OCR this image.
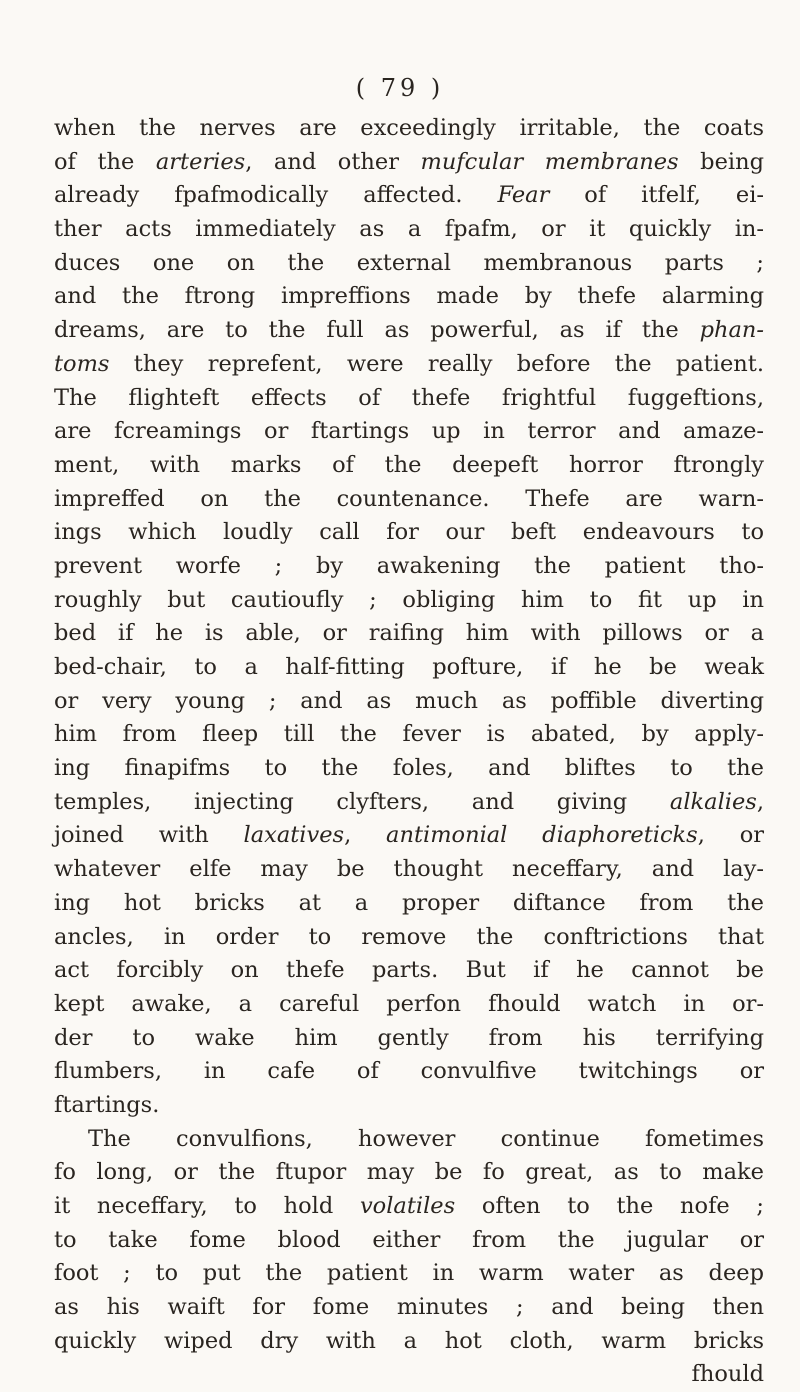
( 79 )
when the nerves are exceedingly irritable, the coats
of the arteries, and other mufcular membranes being
already fpafmodically affected. Fear of itfelf, ei-
ther acts immediately as a fpafm, or it quickly in-
duces one on the external membranous parts ;
and the ftrong impreffions made by thefe alarming
dreams, are to the full as powerful, as if the phan-
toms they reprefent, were really before the patient.
The flighteft effects of thefe frightful fuggeftions,
are fcreamings or ftartings up in terror and amaze-
ment, with marks of the deepeft horror ftrongly
impreffed on the countenance. Thefe are warn-
ings which loudly call for our beft endeavours to
prevent worfe ; by awakening the patient tho-
roughly but cautioufly ; obliging him to fit up in
bed if he is able, or raifing him with pillows or a
bed-chair, to a half-fitting pofture, if he be weak
or very young ; and as much as poffible diverting
him from fleep till the fever is abated, by apply-
ing finapifms to the foles, and bliftes to the
temples, injecting clyfters, and giving alkalies,
joined with laxatives, antimonial diaphoreticks, or
whatever elfe may be thought neceffary, and lay-
ing hot bricks at a proper diftance from the
ancles, in order to remove the conftrictions that
act forcibly on thefe parts. But if he cannot be
kept awake, a careful perfon fhould watch in or-
der to wake him gently from his terrifying
flumbers, in cafe of convulfive twitchings or
ftartings.
The convulfions, however continue fometimes
fo long, or the ftupor may be fo great, as to make
it neceffary, to hold volatiles often to the nofe ;
to take fome blood either from the jugular or
foot ; to put the patient in warm water as deep
as his waift for fome minutes ; and being then
quickly wiped dry with a hot cloth, warm bricks
fhould
